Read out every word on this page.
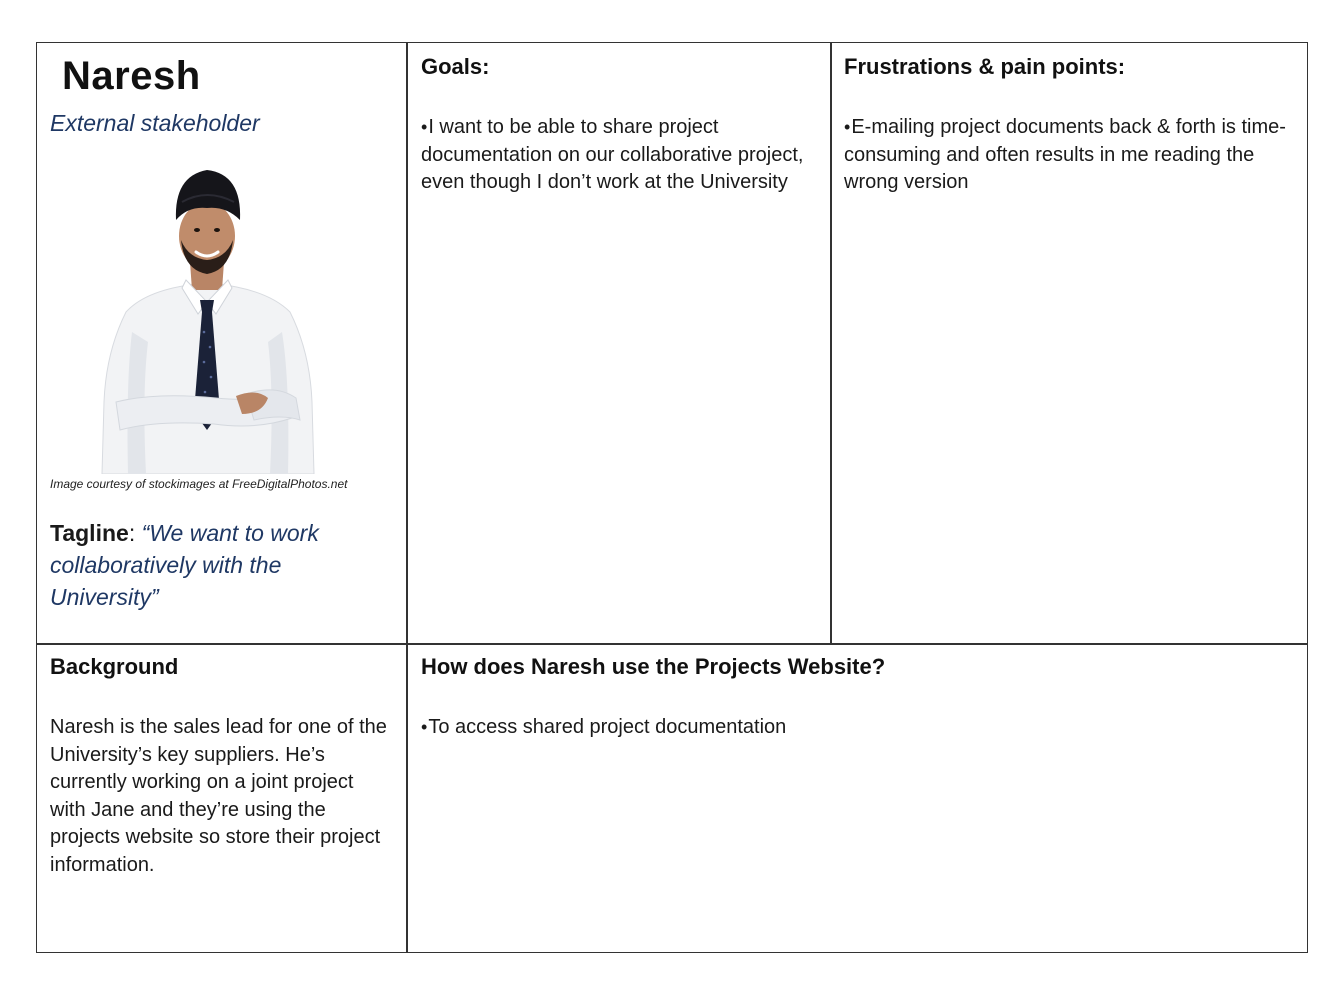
Naresh
External stakeholder
Image courtesy of stockimages at FreeDigitalPhotos.net
Tagline: “We want to work collaboratively with the University”
Goals:
•I want to be able to share project documentation on our collaborative project, even though I don’t work at the University
Frustrations & pain points:
•E-mailing project documents back & forth is time-consuming and often results in me reading the wrong version
Background
Naresh is the sales lead for one of the University’s key suppliers. He’s currently working on a joint project with Jane and they’re using the projects website so store their project information.
How does Naresh use the Projects Website?
•To access shared project documentation
